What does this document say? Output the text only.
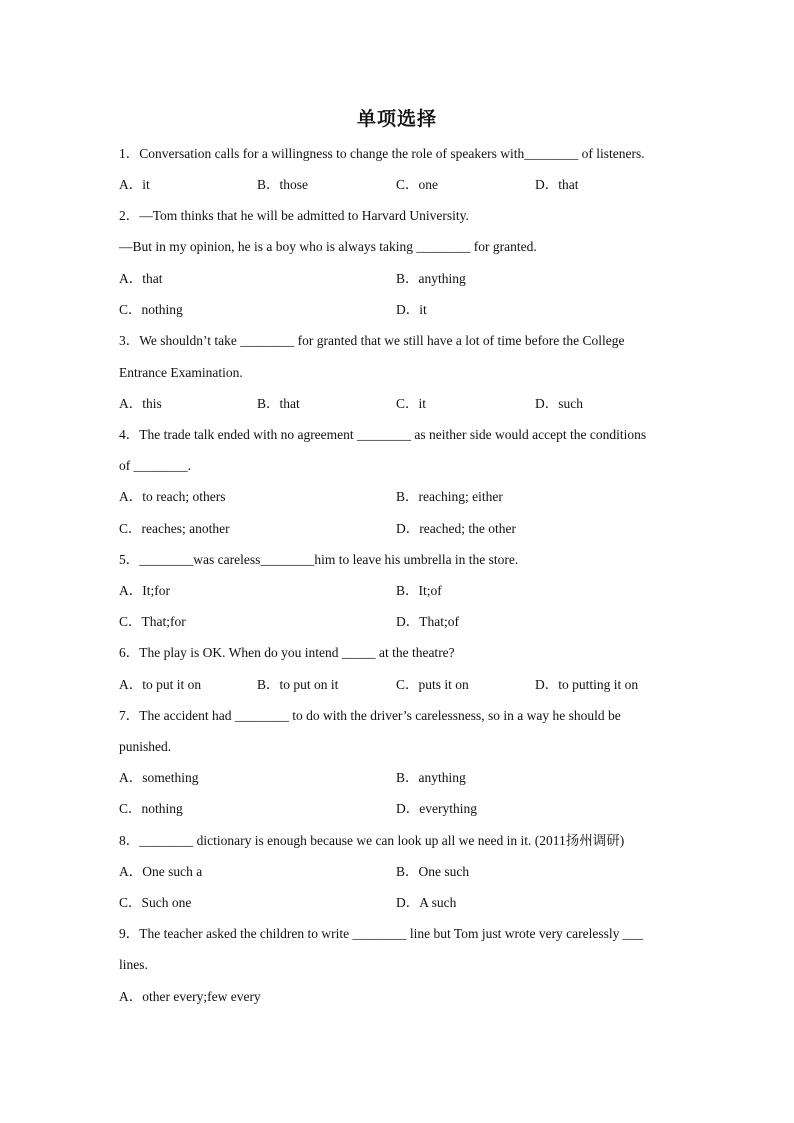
单项选择
1．Conversation calls for a willingness to change the role of speakers with________ of listeners.
A．it	B．those	C．one	D．that
2．—Tom thinks that he will be admitted to Harvard University.
—But in my opinion, he is a boy who is always taking ________ for granted.
A．that	B．anything
C．nothing	D．it
3．We shouldn’t take ________ for granted that we still have a lot of time before the College
Entrance Examination.
A．this	B．that	C．it	D．such
4．The trade talk ended with no agreement ________ as neither side would accept the conditions
of ________.
A．to reach; others	B．reaching; either
C．reaches; another	D．reached; the other
5．________was careless________him to leave his umbrella in the store.
A．It;for	B．It;of
C．That;for	D．That;of
6．The play is OK. When do you intend _____ at the theatre?
A．to put it on	B．to put on it	C．puts it on	D．to putting it on
7．The accident had ________ to do with the driver’s carelessness, so in a way he should be
punished.
A．something	B．anything
C．nothing	D．everything
8．________ dictionary is enough because we can look up all we need in it. (2011扬州调研)
A．One such a	B．One such
C．Such one	D．A such
9．The teacher asked the children to write ________ line but Tom just wrote very carelessly ___
lines.
A．other every;few every
